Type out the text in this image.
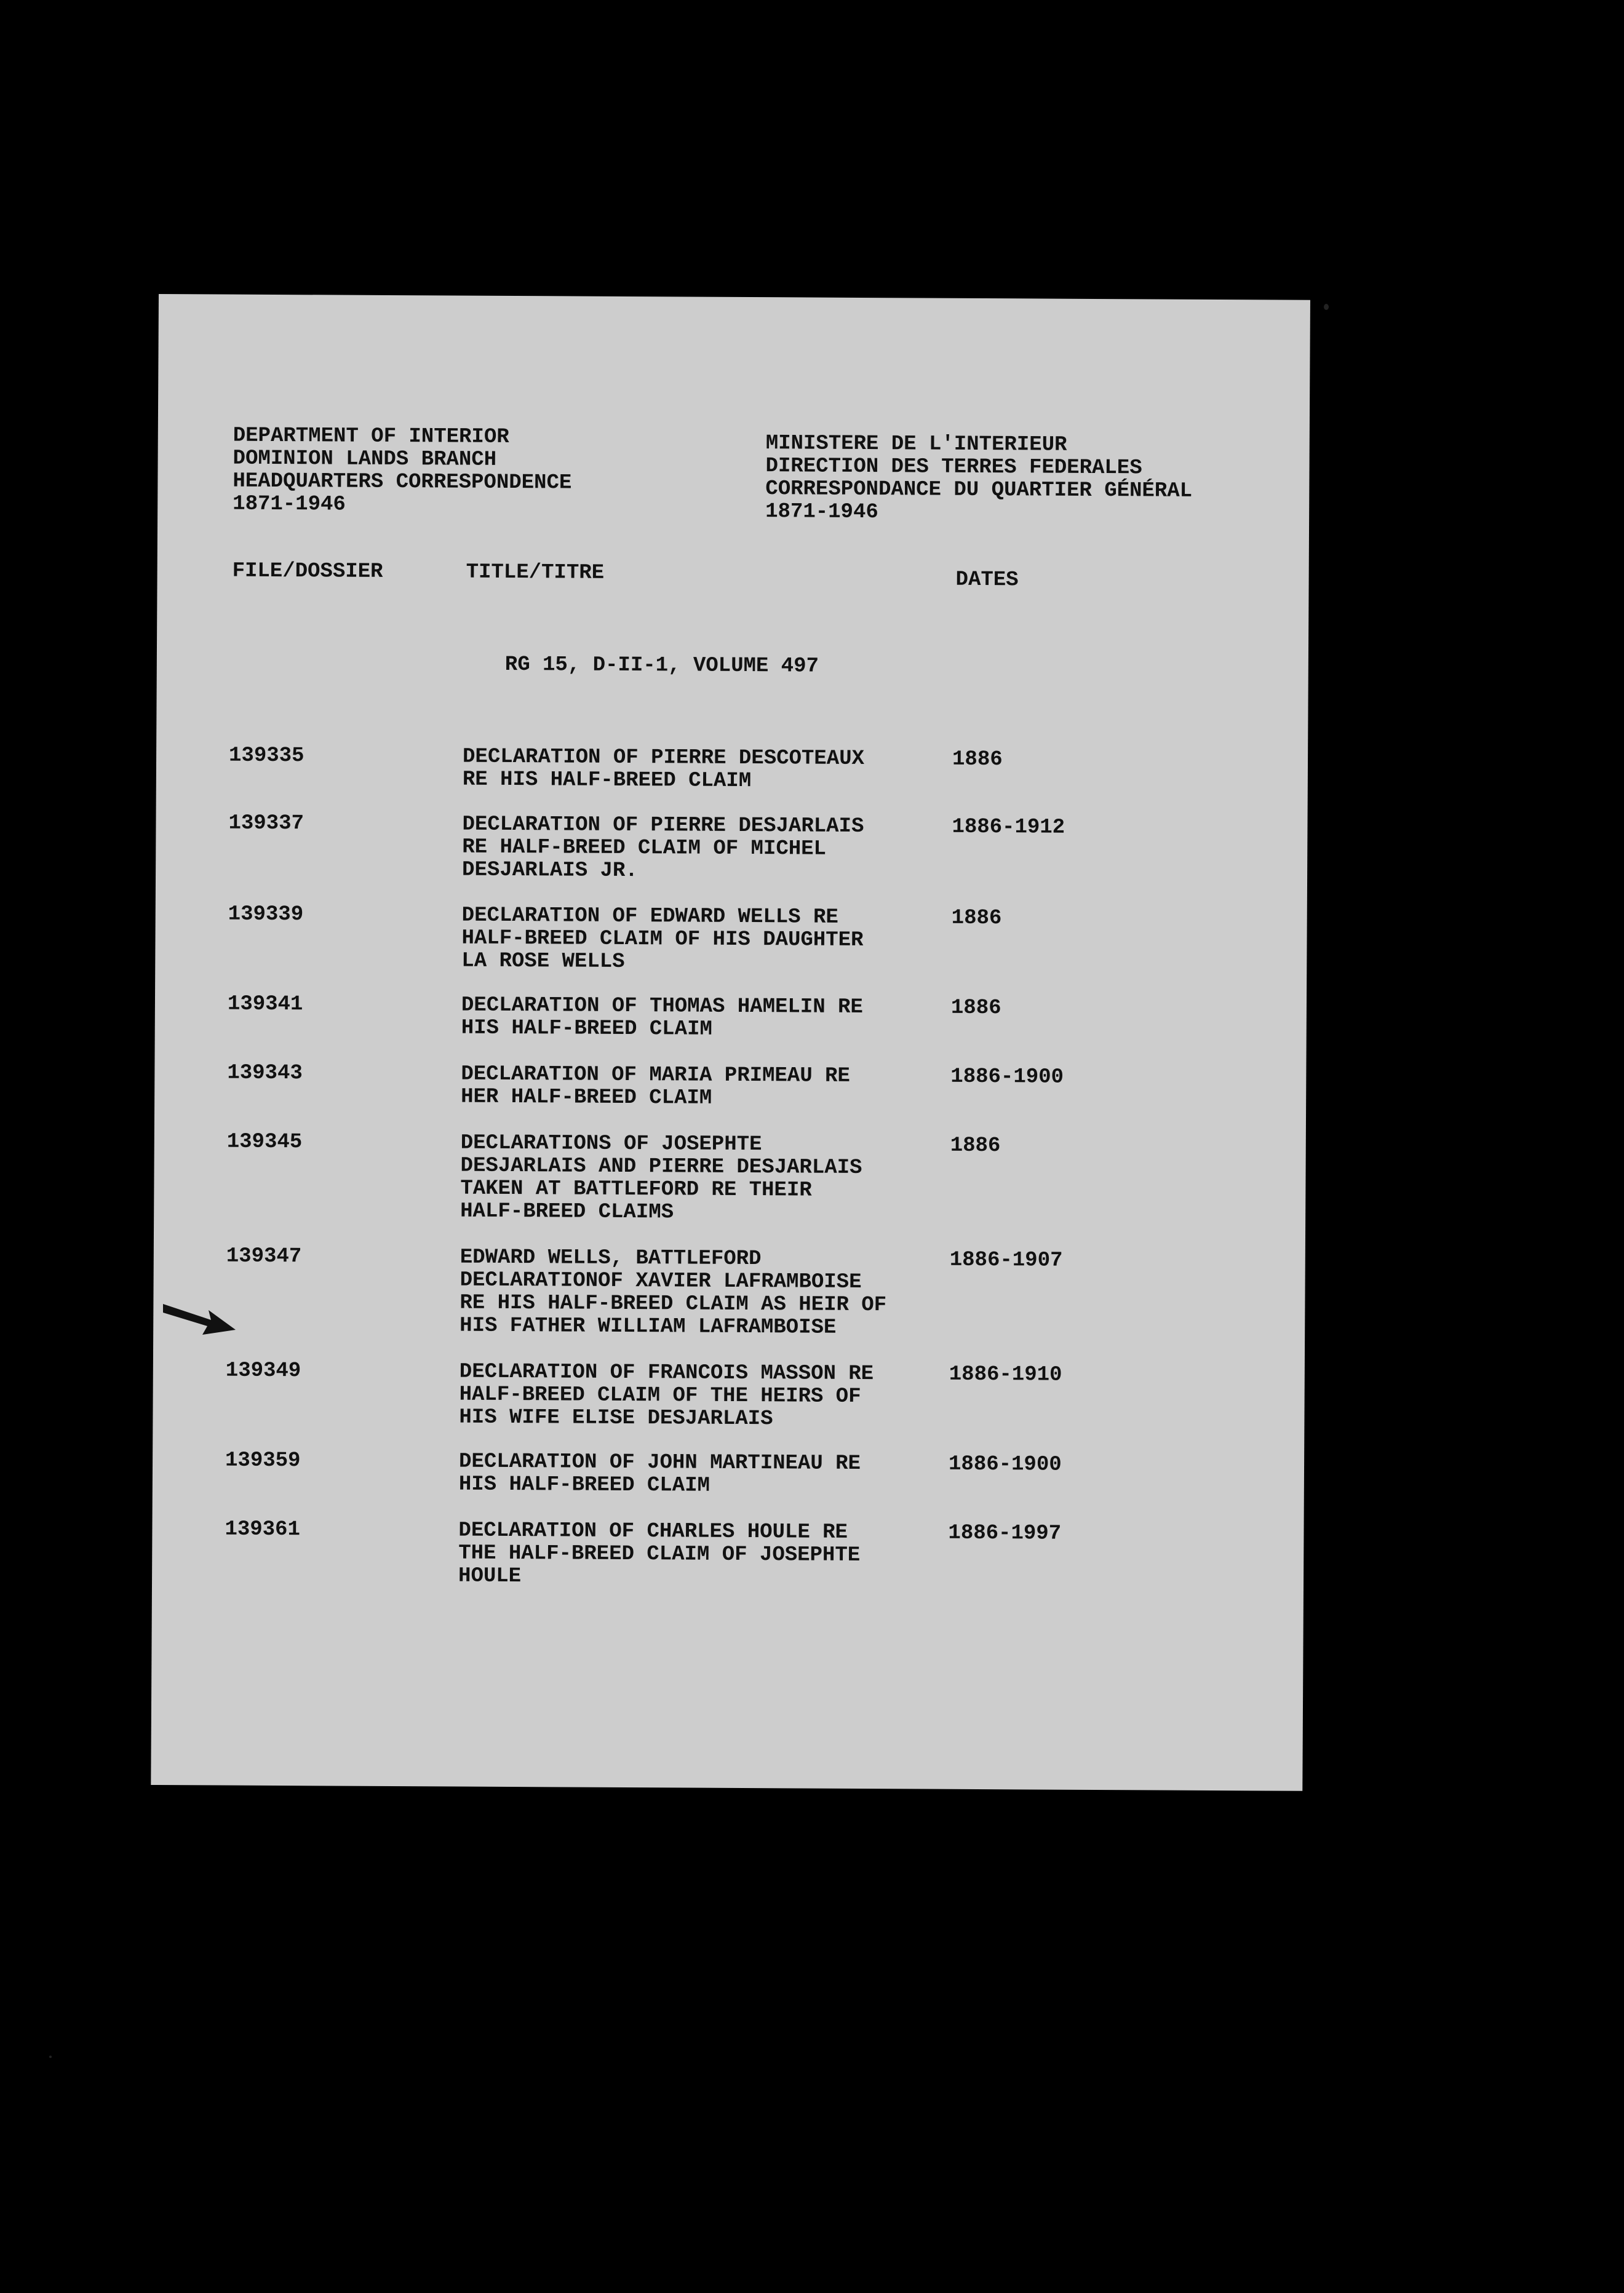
DEPARTMENT OF INTERIOR
DOMINION LANDS BRANCH
HEADQUARTERS CORRESPONDENCE
1871-1946
MINISTERE DE L'INTERIEUR
DIRECTION DES TERRES FEDERALES
CORRESPONDANCE DU QUARTIER GÉNÉRAL
1871-1946
FILE/DOSSIER	TITLE/TITRE	DATES
RG 15, D-II-1, VOLUME 497
139335	DECLARATION OF PIERRE DESCOTEAUX
RE HIS HALF-BREED CLAIM
1886
139337	DECLARATION OF PIERRE DESJARLAIS
RE HALF-BREED CLAIM OF MICHEL
DESJARLAIS JR.
1886-1912
139339	DECLARATION OF EDWARD WELLS RE
HALF-BREED CLAIM OF HIS DAUGHTER
LA ROSE WELLS
1886
139341	DECLARATION OF THOMAS HAMELIN RE
HIS HALF-BREED CLAIM
1886
139343	DECLARATION OF MARIA PRIMEAU RE
HER HALF-BREED CLAIM
1886-1900
139345	DECLARATIONS OF JOSEPHTE
DESJARLAIS AND PIERRE DESJARLAIS
TAKEN AT BATTLEFORD RE THEIR
HALF-BREED CLAIMS
1886
139347	EDWARD WELLS, BATTLEFORD
DECLARATIONOF XAVIER LAFRAMBOISE
RE HIS HALF-BREED CLAIM AS HEIR OF
HIS FATHER WILLIAM LAFRAMBOISE
1886-1907
139349	DECLARATION OF FRANCOIS MASSON RE
HALF-BREED CLAIM OF THE HEIRS OF
HIS WIFE ELISE DESJARLAIS
1886-1910
139359	DECLARATION OF JOHN MARTINEAU RE
HIS HALF-BREED CLAIM
1886-1900
139361	DECLARATION OF CHARLES HOULE RE
THE HALF-BREED CLAIM OF JOSEPHTE
HOULE
1886-1997
